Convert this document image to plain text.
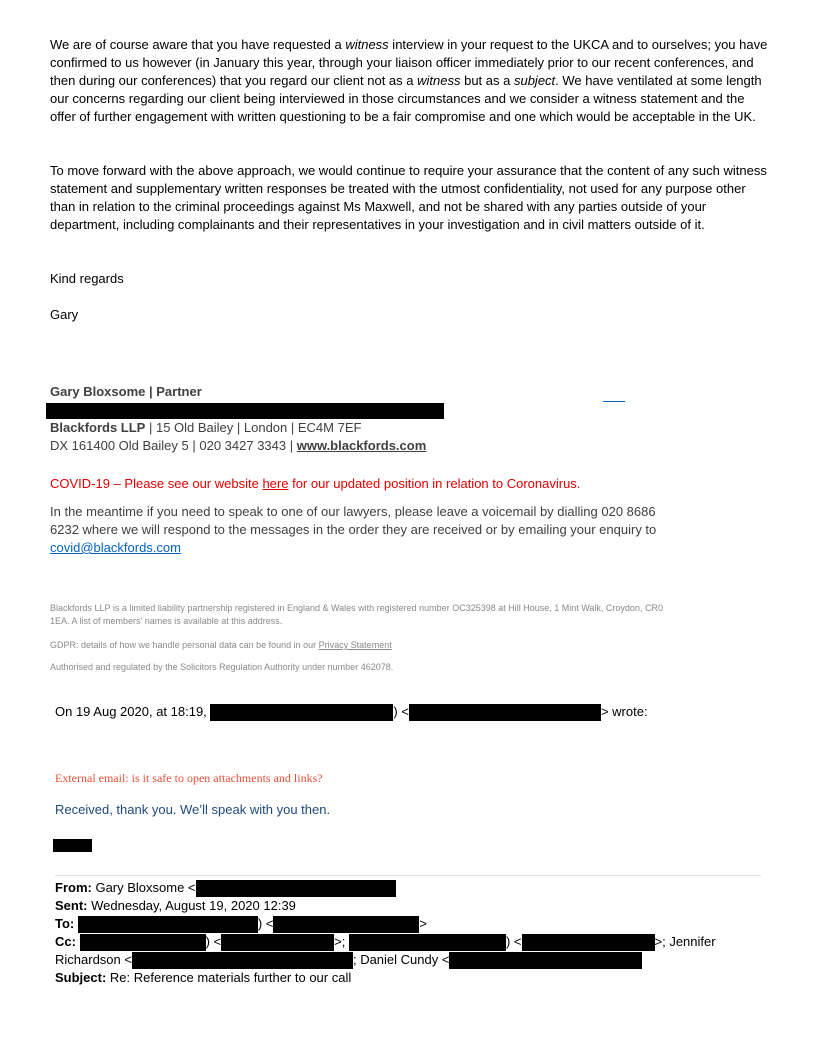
We are of course aware that you have requested a witness interview in your request to the UKCA and to ourselves; you have confirmed to us however (in January this year, through your liaison officer immediately prior to our recent conferences, and then during our conferences) that you regard our client not as a witness but as a subject. We have ventilated at some length our concerns regarding our client being interviewed in those circumstances and we consider a witness statement and the offer of further engagement with written questioning to be a fair compromise and one which would be acceptable in the UK.
To move forward with the above approach, we would continue to require your assurance that the content of any such witness statement and supplementary written responses be treated with the utmost confidentiality, not used for any purpose other than in relation to the criminal proceedings against Ms Maxwell, and not be shared with any parties outside of your department, including complainants and their representatives in your investigation and in civil matters outside of it.
Kind regards
Gary
Gary Bloxsome | Partner
Blackfords LLP | 15 Old Bailey | London | EC4M 7EF
DX 161400 Old Bailey 5 | 020 3427 3343 | www.blackfords.com
COVID-19 – Please see our website here for our updated position in relation to Coronavirus.
In the meantime if you need to speak to one of our lawyers, please leave a voicemail by dialling 020 8686 6232 where we will respond to the messages in the order they are received or by emailing your enquiry to covid@blackfords.com
Blackfords LLP is a limited liability partnership registered in England & Wales with registered number OC325398 at Hill House, 1 Mint Walk, Croydon, CR0 1EA. A list of members’ names is available at this address.
GDPR: details of how we handle personal data can be found in our Privacy Statement
Authorised and regulated by the Solicitors Regulation Authority under number 462078.
On 19 Aug 2020, at 18:19,	) <	> wrote:
External email: is it safe to open attachments and links?
Received, thank you. We’ll speak with you then.
From: Gary Bloxsome <
Sent: Wednesday, August 19, 2020 12:39
To:	) <	>
Cc:	) <	>;	) <	>; Jennifer
Richardson <	; Daniel Cundy <
Subject: Re: Reference materials further to our call
